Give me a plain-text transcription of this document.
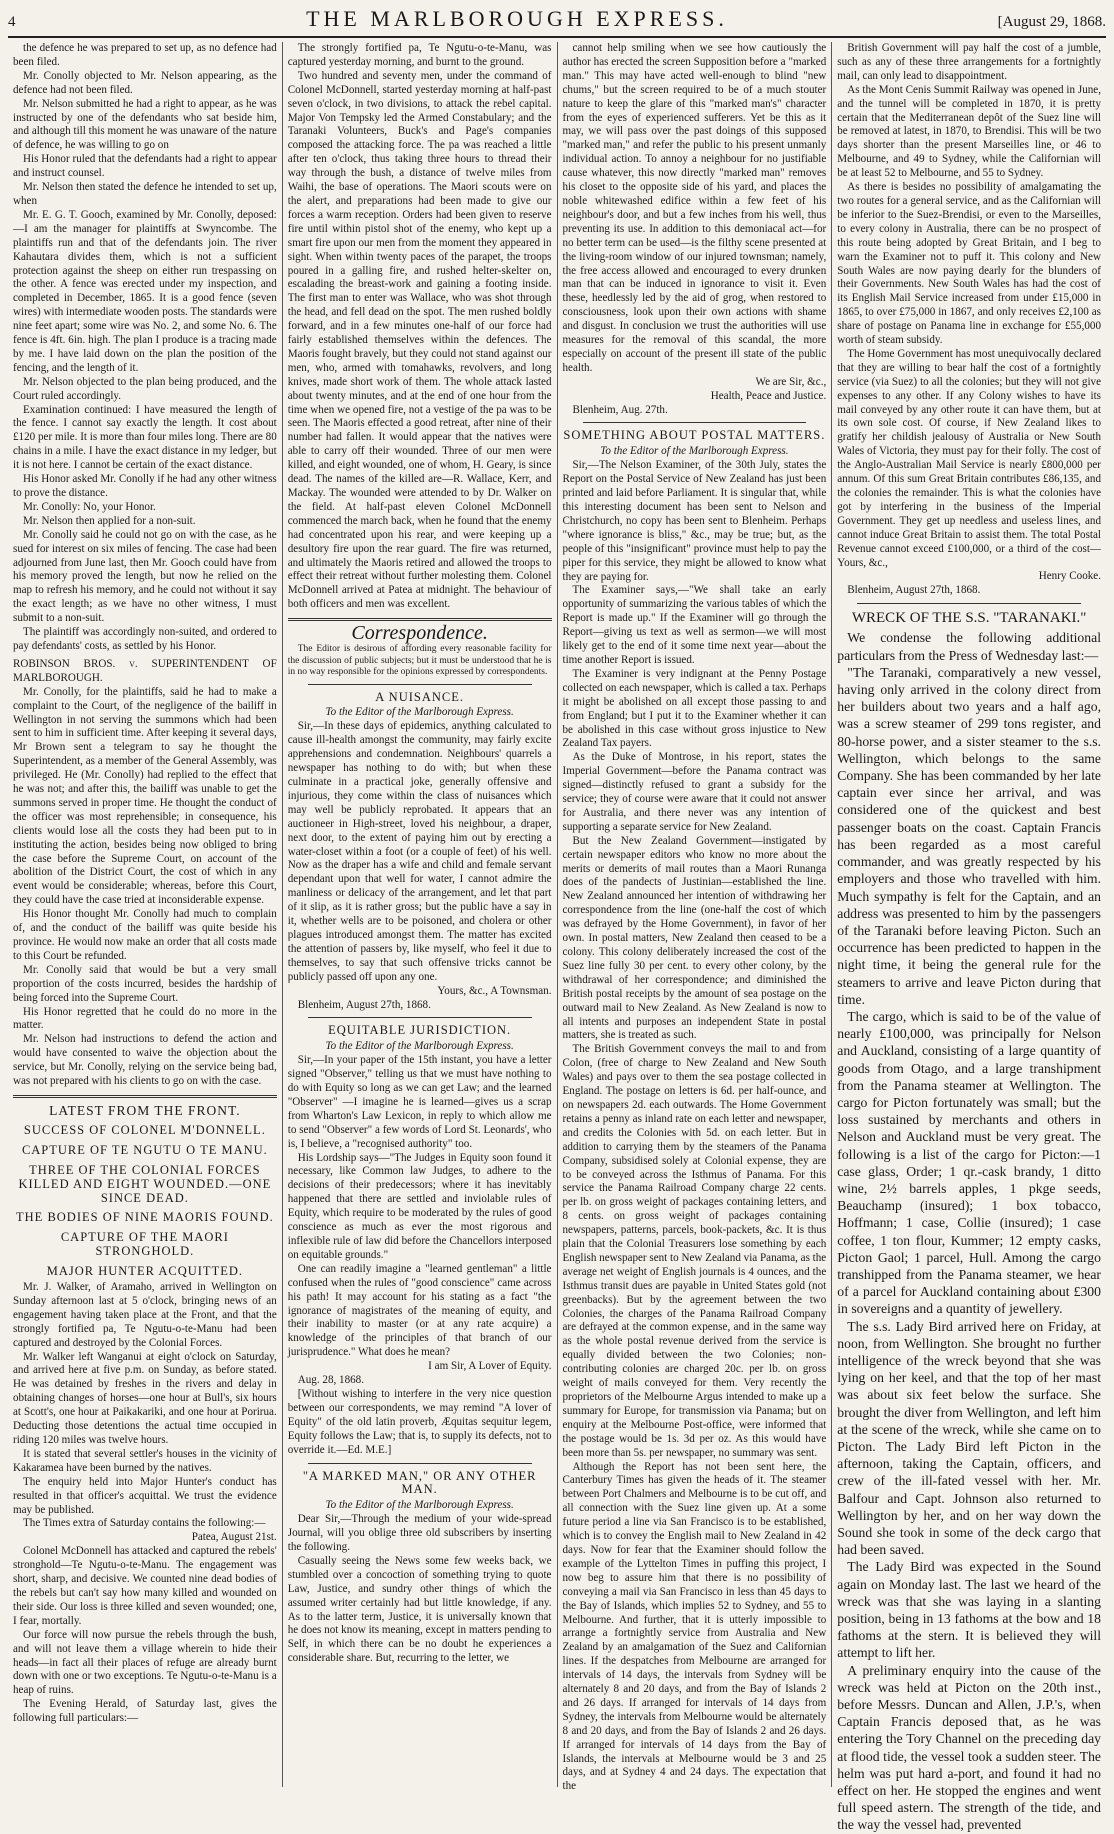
4	THE MARLBOROUGH EXPRESS.	[August 29, 1868.

the defence he was prepared to set up, as no defence had been filed.

Mr. Conolly objected to Mr. Nelson appearing, as the defence had not been filed.

Mr. Nelson submitted he had a right to appear, as he was instructed by one of the defendants who sat beside him, and although till this moment he was unaware of the nature of defence, he was willing to go on

His Honor ruled that the defendants had a right to appear and instruct counsel.

Mr. Nelson then stated the defence he intended to set up, when

Mr. E. G. T. Gooch, examined by Mr. Conolly, deposed:—I am the manager for plaintiffs at Swyncombe. The plaintiffs run and that of the defendants join. The river Kahautara divides them, which is not a sufficient protection against the sheep on either run trespassing on the other. A fence was erected under my inspection, and completed in December, 1865. It is a good fence (seven wires) with intermediate wooden posts. The standards were nine feet apart; some wire was No. 2, and some No. 6. The fence is 4ft. 6in. high. The plan I produce is a tracing made by me. I have laid down on the plan the position of the fencing, and the length of it.

Mr. Nelson objected to the plan being produced, and the Court ruled accordingly.

Examination continued: I have measured the length of the fence. I cannot say exactly the length. It cost about £120 per mile. It is more than four miles long. There are 80 chains in a mile. I have the exact distance in my ledger, but it is not here. I cannot be certain of the exact distance.

His Honor asked Mr. Conolly if he had any other witness to prove the distance.

Mr. Conolly: No, your Honor.

Mr. Nelson then applied for a non-suit.

Mr. Conolly said he could not go on with the case, as he sued for interest on six miles of fencing. The case had been adjourned from June last, then Mr. Gooch could have from his memory proved the length, but now he relied on the map to refresh his memory, and he could not without it say the exact length; as we have no other witness, I must submit to a non-suit.

The plaintiff was accordingly non-suited, and ordered to pay defendants' costs, as settled by his Honor.

ROBINSON BROS. v. SUPERINTENDENT OF MARLBOROUGH.

Mr. Conolly, for the plaintiffs, said he had to make a complaint to the Court, of the negligence of the bailiff in Wellington in not serving the summons which had been sent to him in sufficient time. After keeping it several days, Mr Brown sent a telegram to say he thought the Superintendent, as a member of the General Assembly, was privileged. He (Mr. Conolly) had replied to the effect that he was not; and after this, the bailiff was unable to get the summons served in proper time. He thought the conduct of the officer was most reprehensible; in consequence, his clients would lose all the costs they had been put to in instituting the action, besides being now obliged to bring the case before the Supreme Court, on account of the abolition of the District Court, the cost of which in any event would be considerable; whereas, before this Court, they could have the case tried at inconsiderable expense.

His Honor thought Mr. Conolly had much to complain of, and the conduct of the bailiff was quite beside his province. He would now make an order that all costs made to this Court be refunded.

Mr. Conolly said that would be but a very small proportion of the costs incurred, besides the hardship of being forced into the Supreme Court.

His Honor regretted that he could do no more in the matter.

Mr. Nelson had instructions to defend the action and would have consented to waive the objection about the service, but Mr. Conolly, relying on the service being bad, was not prepared with his clients to go on with the case.

LATEST FROM THE FRONT.

SUCCESS OF COLONEL M'DONNELL.

CAPTURE OF TE NGUTU O TE MANU.

THREE OF THE COLONIAL FORCES KILLED AND EIGHT WOUNDED.—ONE SINCE DEAD.

THE BODIES OF NINE MAORIS FOUND.

CAPTURE OF THE MAORI STRONGHOLD.

MAJOR HUNTER ACQUITTED.

Mr. J. Walker, of Aramaho, arrived in Wellington on Sunday afternoon last at 5 o'clock, bringing news of an engagement having taken place at the Front, and that the strongly fortified pa, Te Ngutu-o-te-Manu had been captured and destroyed by the Colonial Forces.

Mr. Walker left Wanganui at eight o'clock on Saturday, and arrived here at five p.m. on Sunday, as before stated. He was detained by freshes in the rivers and delay in obtaining changes of horses—one hour at Bull's, six hours at Scott's, one hour at Paikakariki, and one hour at Porirua. Deducting those detentions the actual time occupied in riding 120 miles was twelve hours.

It is stated that several settler's houses in the vicinity of Kakaramea have been burned by the natives.

The enquiry held into Major Hunter's conduct has resulted in that officer's acquittal. We trust the evidence may be published.

The Times extra of Saturday contains the following:—

Patea, August 21st.

Colonel McDonnell has attacked and captured the rebels' stronghold—Te Ngutu-o-te-Manu. The engagement was short, sharp, and decisive. We counted nine dead bodies of the rebels but can't say how many killed and wounded on their side. Our loss is three killed and seven wounded; one, I fear, mortally.

Our force will now pursue the rebels through the bush, and will not leave them a village wherein to hide their heads—in fact all their places of refuge are already burnt down with one or two exceptions. Te Ngutu-o-te-Manu is a heap of ruins.

The Evening Herald, of Saturday last, gives the following full particulars:—

The strongly fortified pa, Te Ngutu-o-te-Manu, was captured yesterday morning, and burnt to the ground.

Two hundred and seventy men, under the command of Colonel McDonnell, started yesterday morning at half-past seven o'clock, in two divisions, to attack the rebel capital. Major Von Tempsky led the Armed Constabulary; and the Taranaki Volunteers, Buck's and Page's companies composed the attacking force. The pa was reached a little after ten o'clock, thus taking three hours to thread their way through the bush, a distance of twelve miles from Waihi, the base of operations. The Maori scouts were on the alert, and preparations had been made to give our forces a warm reception. Orders had been given to reserve fire until within pistol shot of the enemy, who kept up a smart fire upon our men from the moment they appeared in sight. When within twenty paces of the parapet, the troops poured in a galling fire, and rushed helter-skelter on, escalading the breast-work and gaining a footing inside. The first man to enter was Wallace, who was shot through the head, and fell dead on the spot. The men rushed boldly forward, and in a few minutes one-half of our force had fairly established themselves within the defences. The Maoris fought bravely, but they could not stand against our men, who, armed with tomahawks, revolvers, and long knives, made short work of them. The whole attack lasted about twenty minutes, and at the end of one hour from the time when we opened fire, not a vestige of the pa was to be seen. The Maoris effected a good retreat, after nine of their number had fallen. It would appear that the natives were able to carry off their wounded. Three of our men were killed, and eight wounded, one of whom, H. Geary, is since dead. The names of the killed are—R. Wallace, Kerr, and Mackay. The wounded were attended to by Dr. Walker on the field. At half-past eleven Colonel McDonnell commenced the march back, when he found that the enemy had concentrated upon his rear, and were keeping up a desultory fire upon the rear guard. The fire was returned, and ultimately the Maoris retired and allowed the troops to effect their retreat without further molesting them. Colonel McDonnell arrived at Patea at midnight. The behaviour of both officers and men was excellent.

Correspondence.

The Editor is desirous of affording every reasonable facility for the discussion of public subjects; but it must be understood that he is in no way responsible for the opinions expressed by correspondents.

A NUISANCE.

To the Editor of the Marlborough Express.

Sir,—In these days of epidemics, anything calculated to cause ill-health amongst the community, may fairly excite apprehensions and condemnation. Neighbours' quarrels a newspaper has nothing to do with; but when these culminate in a practical joke, generally offensive and injurious, they come within the class of nuisances which may well be publicly reprobated. It appears that an auctioneer in High-street, loved his neighbour, a draper, next door, to the extent of paying him out by erecting a water-closet within a foot (or a couple of feet) of his well. Now as the draper has a wife and child and female servant dependant upon that well for water, I cannot admire the manliness or delicacy of the arrangement, and let that part of it slip, as it is rather gross; but the public have a say in it, whether wells are to be poisoned, and cholera or other plagues introduced amongst them. The matter has excited the attention of passers by, like myself, who feel it due to themselves, to say that such offensive tricks cannot be publicly passed off upon any one.

Yours, &c., A Townsman.

Blenheim, August 27th, 1868.

EQUITABLE JURISDICTION.

To the Editor of the Marlborough Express.

Sir,—In your paper of the 15th instant, you have a letter signed "Observer," telling us that we must have nothing to do with Equity so long as we can get Law; and the learned "Observer" —I imagine he is learned—gives us a scrap from Wharton's Law Lexicon, in reply to which allow me to send "Observer" a few words of Lord St. Leonards', who is, I believe, a "recognised authority" too.

His Lordship says—"The Judges in Equity soon found it necessary, like Common law Judges, to adhere to the decisions of their predecessors; where it has inevitably happened that there are settled and inviolable rules of Equity, which require to be moderated by the rules of good conscience as much as ever the most rigorous and inflexible rule of law did before the Chancellors interposed on equitable grounds."

One can readily imagine a "learned gentleman" a little confused when the rules of "good conscience" came across his path! It may account for his stating as a fact "the ignorance of magistrates of the meaning of equity, and their inability to master (or at any rate acquire) a knowledge of the principles of that branch of our jurisprudence." What does he mean?

I am Sir, A Lover of Equity.

Aug. 28, 1868.

[Without wishing to interfere in the very nice question between our correspondents, we may remind "A lover of Equity" of the old latin proverb, Æquitas sequitur legem, Equity follows the Law; that is, to supply its defects, not to override it.—Ed. M.E.]

"A MARKED MAN," OR ANY OTHER MAN.

To the Editor of the Marlborough Express.

Dear Sir,—Through the medium of your wide-spread Journal, will you oblige three old subscribers by inserting the following.

Casually seeing the News some few weeks back, we stumbled over a concoction of something trying to quote Law, Justice, and sundry other things of which the assumed writer certainly had but little knowledge, if any. As to the latter term, Justice, it is universally known that he does not know its meaning, except in matters pending to Self, in which there can be no doubt he experiences a considerable share. But, recurring to the letter, we

cannot help smiling when we see how cautiously the author has erected the screen Supposition before a "marked man." This may have acted well-enough to blind "new chums," but the screen required to be of a much stouter nature to keep the glare of this "marked man's" character from the eyes of experienced sufferers. Yet be this as it may, we will pass over the past doings of this supposed "marked man," and refer the public to his present unmanly individual action. To annoy a neighbour for no justifiable cause whatever, this now directly "marked man" removes his closet to the opposite side of his yard, and places the noble whitewashed edifice within a few feet of his neighbour's door, and but a few inches from his well, thus preventing its use. In addition to this demoniacal act—for no better term can be used—is the filthy scene presented at the living-room window of our injured townsman; namely, the free access allowed and encouraged to every drunken man that can be induced in ignorance to visit it. Even these, heedlessly led by the aid of grog, when restored to consciousness, look upon their own actions with shame and disgust. In conclusion we trust the authorities will use measures for the removal of this scandal, the more especially on account of the present ill state of the public health.

We are Sir, &c.,

Health, Peace and Justice.

Blenheim, Aug. 27th.

SOMETHING ABOUT POSTAL MATTERS.

To the Editor of the Marlborough Express.

Sir,—The Nelson Examiner, of the 30th July, states the Report on the Postal Service of New Zealand has just been printed and laid before Parliament. It is singular that, while this interesting document has been sent to Nelson and Christchurch, no copy has been sent to Blenheim. Perhaps "where ignorance is bliss," &c., may be true; but, as the people of this "insignificant" province must help to pay the piper for this service, they might be allowed to know what they are paying for.

The Examiner says,—"We shall take an early opportunity of summarizing the various tables of which the Report is made up." If the Examiner will go through the Report—giving us text as well as sermon—we will most likely get to the end of it some time next year—about the time another Report is issued.

The Examiner is very indignant at the Penny Postage collected on each newspaper, which is called a tax. Perhaps it might be abolished on all except those passing to and from England; but I put it to the Examiner whether it can be abolished in this case without gross injustice to New Zealand Tax payers.

As the Duke of Montrose, in his report, states the Imperial Government—before the Panama contract was signed—distinctly refused to grant a subsidy for the service; they of course were aware that it could not answer for Australia, and there never was any intention of supporting a separate service for New Zealand.

But the New Zealand Government—instigated by certain newspaper editors who know no more about the merits or demerits of mail routes than a Maori Runanga does of the pandects of Justinian—established the line. New Zealand announced her intention of withdrawing her correspondence from the line (one-half the cost of which was defrayed by the Home Government), in favor of her own. In postal matters, New Zealand then ceased to be a colony. This colony deliberately increased the cost of the Suez line fully 30 per cent. to every other colony, by the withdrawal of her correspondence; and diminished the British postal receipts by the amount of sea postage on the outward mail to New Zealand. As New Zealand is now to all intents and purposes an independent State in postal matters, she is treated as such.

The British Government conveys the mail to and from Colon, (free of charge to New Zealand and New South Wales) and pays over to them the sea postage collected in England. The postage on letters is 6d. per half-ounce, and on newspapers 2d. each outwards. The Home Government retains a penny as inland rate on each letter and newspaper, and credits the Colonies with 5d. on each letter. But in addition to carrying them by the steamers of the Panama Company, subsidised solely at Colonial expense, they are to be conveyed across the Isthmus of Panama. For this service the Panama Railroad Company charge 22 cents. per lb. on gross weight of packages containing letters, and 8 cents. on gross weight of packages containing newspapers, patterns, parcels, book-packets, &c. It is thus plain that the Colonial Treasurers lose something by each English newspaper sent to New Zealand via Panama, as the average net weight of English journals is 4 ounces, and the Isthmus transit dues are payable in United States gold (not greenbacks). But by the agreement between the two Colonies, the charges of the Panama Railroad Company are defrayed at the common expense, and in the same way as the whole postal revenue derived from the service is equally divided between the two Colonies; non-contributing colonies are charged 20c. per lb. on gross weight of mails conveyed for them. Very recently the proprietors of the Melbourne Argus intended to make up a summary for Europe, for transmission via Panama; but on enquiry at the Melbourne Post-office, were informed that the postage would be 1s. 3d per oz. As this would have been more than 5s. per newspaper, no summary was sent.

Although the Report has not been sent here, the Canterbury Times has given the heads of it. The steamer between Port Chalmers and Melbourne is to be cut off, and all connection with the Suez line given up. At a some future period a line via San Francisco is to be established, which is to convey the English mail to New Zealand in 42 days. Now for fear that the Examiner should follow the example of the Lyttelton Times in puffing this project, I now beg to assure him that there is no possibility of conveying a mail via San Francisco in less than 45 days to the Bay of Islands, which implies 52 to Sydney, and 55 to Melbourne. And further, that it is utterly impossible to arrange a fortnightly service from Australia and New Zealand by an amalgamation of the Suez and Californian lines. If the despatches from Melbourne are arranged for intervals of 14 days, the intervals from Sydney will be alternately 8 and 20 days, and from the Bay of Islands 2 and 26 days. If arranged for intervals of 14 days from Sydney, the intervals from Melbourne would be alternately 8 and 20 days, and from the Bay of Islands 2 and 26 days. If arranged for intervals of 14 days from the Bay of Islands, the intervals at Melbourne would be 3 and 25 days, and at Sydney 4 and 24 days. The expectation that the

British Government will pay half the cost of a jumble, such as any of these three arrangements for a fortnightly mail, can only lead to disappointment.

As the Mont Cenis Summit Railway was opened in June, and the tunnel will be completed in 1870, it is pretty certain that the Mediterranean depôt of the Suez line will be removed at latest, in 1870, to Brendisi. This will be two days shorter than the present Marseilles line, or 46 to Melbourne, and 49 to Sydney, while the Californian will be at least 52 to Melbourne, and 55 to Sydney.

As there is besides no possibility of amalgamating the two routes for a general service, and as the Californian will be inferior to the Suez-Brendisi, or even to the Marseilles, to every colony in Australia, there can be no prospect of this route being adopted by Great Britain, and I beg to warn the Examiner not to puff it. This colony and New South Wales are now paying dearly for the blunders of their Governments. New South Wales has had the cost of its English Mail Service increased from under £15,000 in 1865, to over £75,000 in 1867, and only receives £2,100 as share of postage on Panama line in exchange for £55,000 worth of steam subsidy.

The Home Government has most unequivocally declared that they are willing to bear half the cost of a fortnightly service (via Suez) to all the colonies; but they will not give expenses to any other. If any Colony wishes to have its mail conveyed by any other route it can have them, but at its own sole cost. Of course, if New Zealand likes to gratify her childish jealousy of Australia or New South Wales of Victoria, they must pay for their folly. The cost of the Anglo-Australian Mail Service is nearly £800,000 per annum. Of this sum Great Britain contributes £86,135, and the colonies the remainder. This is what the colonies have got by interfering in the business of the Imperial Government. They get up needless and useless lines, and cannot induce Great Britain to assist them. The total Postal Revenue cannot exceed £100,000, or a third of the cost—Yours, &c.,

Henry Cooke.

Blenheim, August 27th, 1868.

WRECK OF THE S.S. "TARANAKI."

We condense the following additional particulars from the Press of Wednesday last:—

"The Taranaki, comparatively a new vessel, having only arrived in the colony direct from her builders about two years and a half ago, was a screw steamer of 299 tons register, and 80-horse power, and a sister steamer to the s.s. Wellington, which belongs to the same Company. She has been commanded by her late captain ever since her arrival, and was considered one of the quickest and best passenger boats on the coast. Captain Francis has been regarded as a most careful commander, and was greatly respected by his employers and those who travelled with him. Much sympathy is felt for the Captain, and an address was presented to him by the passengers of the Taranaki before leaving Picton. Such an occurrence has been predicted to happen in the night time, it being the general rule for the steamers to arrive and leave Picton during that time.

The cargo, which is said to be of the value of nearly £100,000, was principally for Nelson and Auckland, consisting of a large quantity of goods from Otago, and a large transhipment from the Panama steamer at Wellington. The cargo for Picton fortunately was small; but the loss sustained by merchants and others in Nelson and Auckland must be very great. The following is a list of the cargo for Picton:—1 case glass, Order; 1 qr.-cask brandy, 1 ditto wine, 2½ barrels apples, 1 pkge seeds, Beauchamp (insured); 1 box tobacco, Hoffmann; 1 case, Collie (insured); 1 case coffee, 1 ton flour, Kummer; 12 empty casks, Picton Gaol; 1 parcel, Hull. Among the cargo transhipped from the Panama steamer, we hear of a parcel for Auckland containing about £300 in sovereigns and a quantity of jewellery.

The s.s. Lady Bird arrived here on Friday, at noon, from Wellington. She brought no further intelligence of the wreck beyond that she was lying on her keel, and that the top of her mast was about six feet below the surface. She brought the diver from Wellington, and left him at the scene of the wreck, while she came on to Picton. The Lady Bird left Picton in the afternoon, taking the Captain, officers, and crew of the ill-fated vessel with her. Mr. Balfour and Capt. Johnson also returned to Wellington by her, and on her way down the Sound she took in some of the deck cargo that had been saved.

The Lady Bird was expected in the Sound again on Monday last. The last we heard of the wreck was that she was laying in a slanting position, being in 13 fathoms at the bow and 18 fathoms at the stern. It is believed they will attempt to lift her.

A preliminary enquiry into the cause of the wreck was held at Picton on the 20th inst., before Messrs. Duncan and Allen, J.P.'s, when Captain Francis deposed that, as he was entering the Tory Channel on the preceding day at flood tide, the vessel took a sudden steer. The helm was put hard a-port, and found it had no effect on her. He stopped the engines and went full speed astern. The strength of the tide, and the way the vessel had, prevented
